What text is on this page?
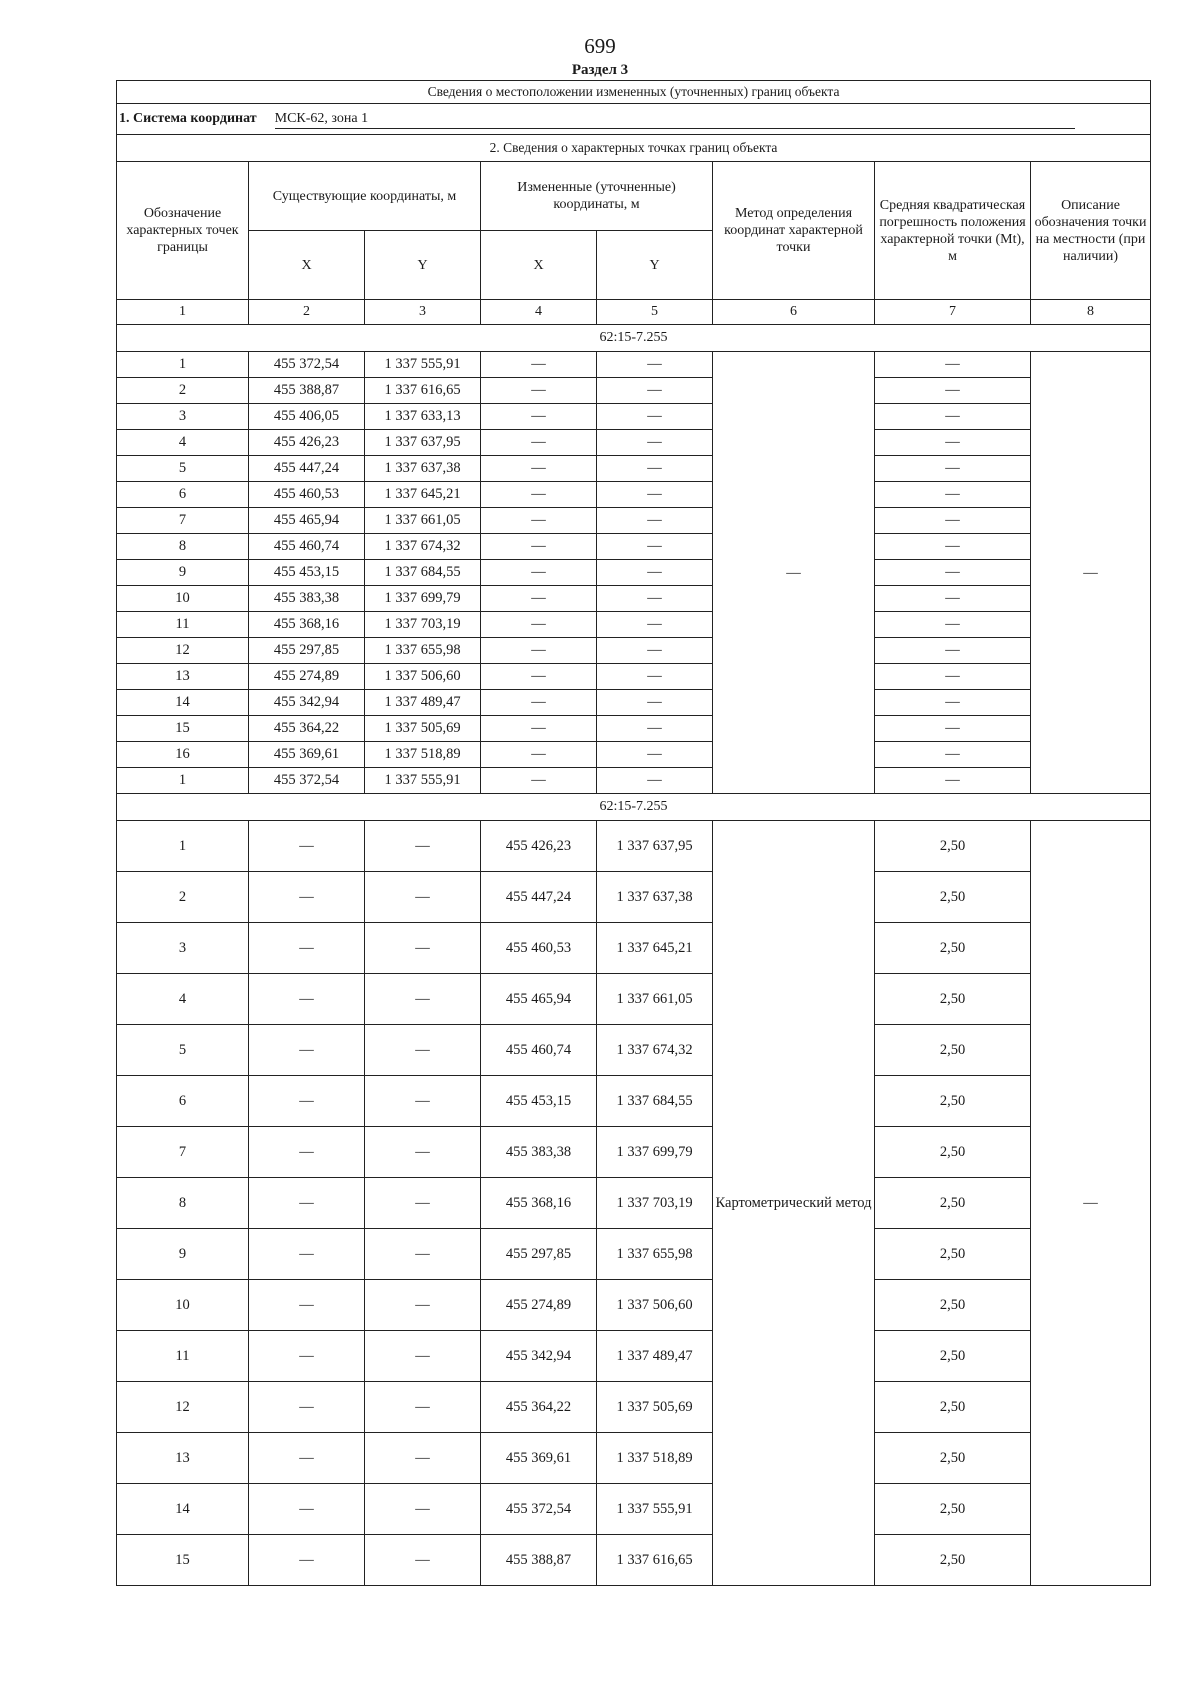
699
Раздел 3
Сведения о местоположении измененных (уточненных) границ объекта							
1. Система координат МСК-62, зона 1							
2. Сведения о характерных точках границ объекта							
Обозначение характерных точек границы	Существующие координаты, м		Измененные (уточненные) координаты, м		Метод определения координат характерной точки	Средняя квадратическая погрешность положения характерной точки (Mt), м	Описание обозначения точки на местности (при наличии)
	X	Y	X	Y			
1	2	3	4	5	6	7	8
62:15-7.255							
1	455 372,54	1 337 555,91	—	—	—	—	—
2	455 388,87	1 337 616,65	—	—		—	
3	455 406,05	1 337 633,13	—	—		—	
4	455 426,23	1 337 637,95	—	—		—	
5	455 447,24	1 337 637,38	—	—		—	
6	455 460,53	1 337 645,21	—	—		—	
7	455 465,94	1 337 661,05	—	—		—	
8	455 460,74	1 337 674,32	—	—		—	
9	455 453,15	1 337 684,55	—	—		—	
10	455 383,38	1 337 699,79	—	—		—	
11	455 368,16	1 337 703,19	—	—		—	
12	455 297,85	1 337 655,98	—	—		—	
13	455 274,89	1 337 506,60	—	—		—	
14	455 342,94	1 337 489,47	—	—		—	
15	455 364,22	1 337 505,69	—	—		—	
16	455 369,61	1 337 518,89	—	—		—	
1	455 372,54	1 337 555,91	—	—		—	
62:15-7.255							
1	—	—	455 426,23	1 337 637,95	Картометрический метод	2,50	—
2	—	—	455 447,24	1 337 637,38		2,50	
3	—	—	455 460,53	1 337 645,21		2,50	
4	—	—	455 465,94	1 337 661,05		2,50	
5	—	—	455 460,74	1 337 674,32		2,50	
6	—	—	455 453,15	1 337 684,55		2,50	
7	—	—	455 383,38	1 337 699,79		2,50	
8	—	—	455 368,16	1 337 703,19		2,50	
9	—	—	455 297,85	1 337 655,98		2,50	
10	—	—	455 274,89	1 337 506,60		2,50	
11	—	—	455 342,94	1 337 489,47		2,50	
12	—	—	455 364,22	1 337 505,69		2,50	
13	—	—	455 369,61	1 337 518,89		2,50	
14	—	—	455 372,54	1 337 555,91		2,50	
15	—	—	455 388,87	1 337 616,65		2,50	
